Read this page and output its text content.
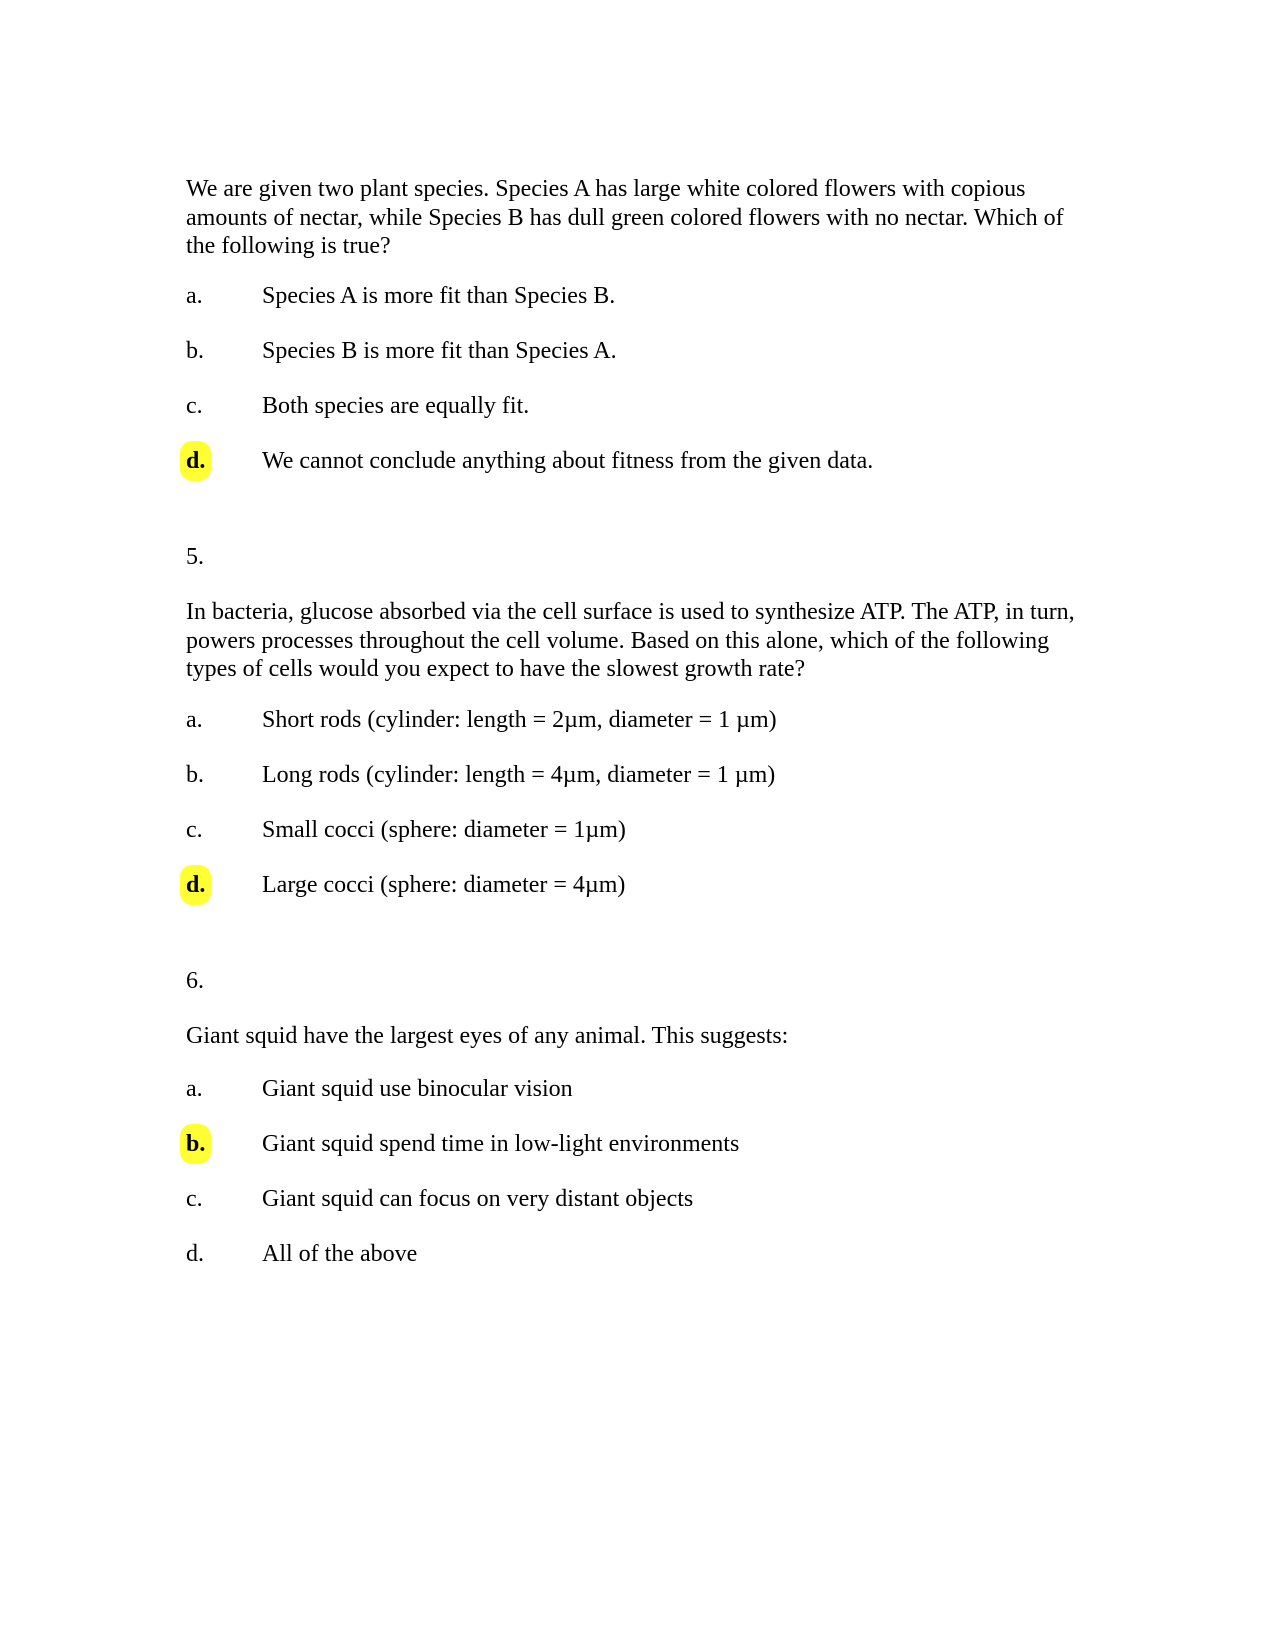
We are given two plant species. Species A has large white colored flowers with copious amounts of nectar, while Species B has dull green colored flowers with no nectar. Which of the following is true?

a. Species A is more fit than Species B.
b. Species B is more fit than Species A.
c. Both species are equally fit.
d. We cannot conclude anything about fitness from the given data.

5.

In bacteria, glucose absorbed via the cell surface is used to synthesize ATP. The ATP, in turn, powers processes throughout the cell volume. Based on this alone, which of the following types of cells would you expect to have the slowest growth rate?

a. Short rods (cylinder: length = 2µm, diameter = 1 µm)
b. Long rods (cylinder: length = 4µm, diameter = 1 µm)
c. Small cocci (sphere: diameter = 1µm)
d. Large cocci (sphere: diameter = 4µm)

6.

Giant squid have the largest eyes of any animal. This suggests:

a. Giant squid use binocular vision
b. Giant squid spend time in low-light environments
c. Giant squid can focus on very distant objects
d. All of the above
